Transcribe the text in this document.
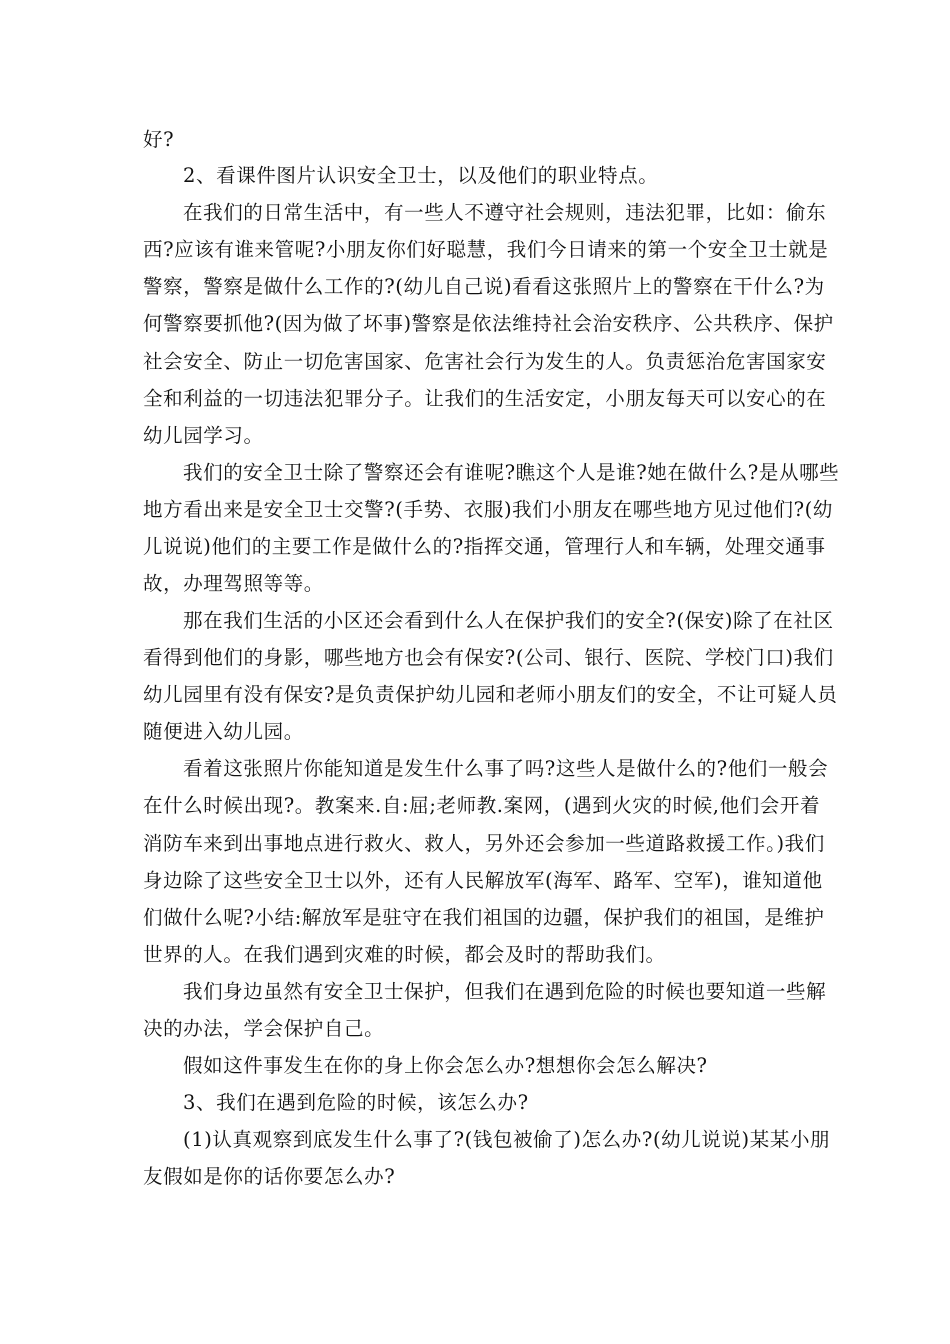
好?
2、看课件图片认识安全卫士，以及他们的职业特点。
在我们的日常生活中，有一些人不遵守社会规则，违法犯罪，比如：偷东
西?应该有谁来管呢?小朋友你们好聪慧，我们今日请来的第一个安全卫士就是
警察，警察是做什么工作的?(幼儿自己说)看看这张照片上的警察在干什么?为
何警察要抓他?(因为做了坏事)警察是依法维持社会治安秩序、公共秩序、保护
社会安全、防止一切危害国家、危害社会行为发生的人。负责惩治危害国家安
全和利益的一切违法犯罪分子。让我们的生活安定，小朋友每天可以安心的在
幼儿园学习。
我们的安全卫士除了警察还会有谁呢?瞧这个人是谁?她在做什么?是从哪些
地方看出来是安全卫士交警?(手势、衣服)我们小朋友在哪些地方见过他们?(幼
儿说说)他们的主要工作是做什么的?指挥交通，管理行人和车辆，处理交通事
故，办理驾照等等。
那在我们生活的小区还会看到什么人在保护我们的安全?(保安)除了在社区
看得到他们的身影，哪些地方也会有保安?(公司、银行、医院、学校门口)我们
幼儿园里有没有保安?是负责保护幼儿园和老师小朋友们的安全，不让可疑人员
随便进入幼儿园。
看着这张照片你能知道是发生什么事了吗?这些人是做什么的?他们一般会
在什么时候出现?。教案来.自:屈;老师教.案网，(遇到火灾的时候,他们会开着
消防车来到出事地点进行救火、救人，另外还会参加一些道路救援工作。)我们
身边除了这些安全卫士以外，还有人民解放军(海军、路军、空军)，谁知道他
们做什么呢?小结:解放军是驻守在我们祖国的边疆，保护我们的祖国，是维护
世界的人。在我们遇到灾难的时候，都会及时的帮助我们。
我们身边虽然有安全卫士保护，但我们在遇到危险的时候也要知道一些解
决的办法，学会保护自己。
假如这件事发生在你的身上你会怎么办?想想你会怎么解决?
3、我们在遇到危险的时候，该怎么办?
(1)认真观察到底发生什么事了?(钱包被偷了)怎么办?(幼儿说说)某某小朋
友假如是你的话你要怎么办?
